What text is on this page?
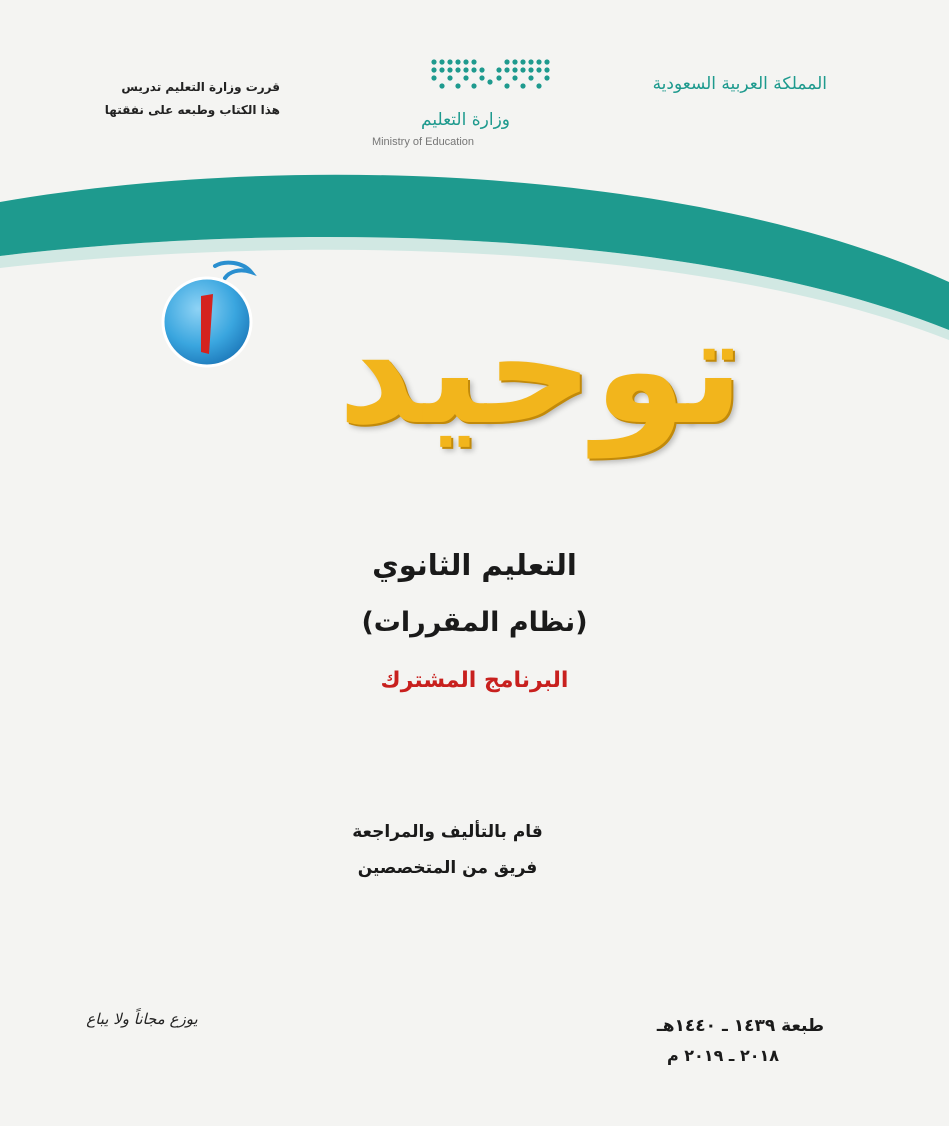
المملكة العربية السعودية
قررت وزارة التعليم تدريس
هذا الكتاب وطبعه على نفقتها	وزارة التعليم
Ministry of Education
توحيد
التعليم الثانوي
(نظام المقررات)
البرنامج المشترك
قام بالتأليف والمراجعة
فريق من المتخصصين
يوزع مجاناً ولا يباع	طبعة ١٤٣٩ ـ ١٤٤٠هـ
٢٠١٨ ـ ٢٠١٩ م
